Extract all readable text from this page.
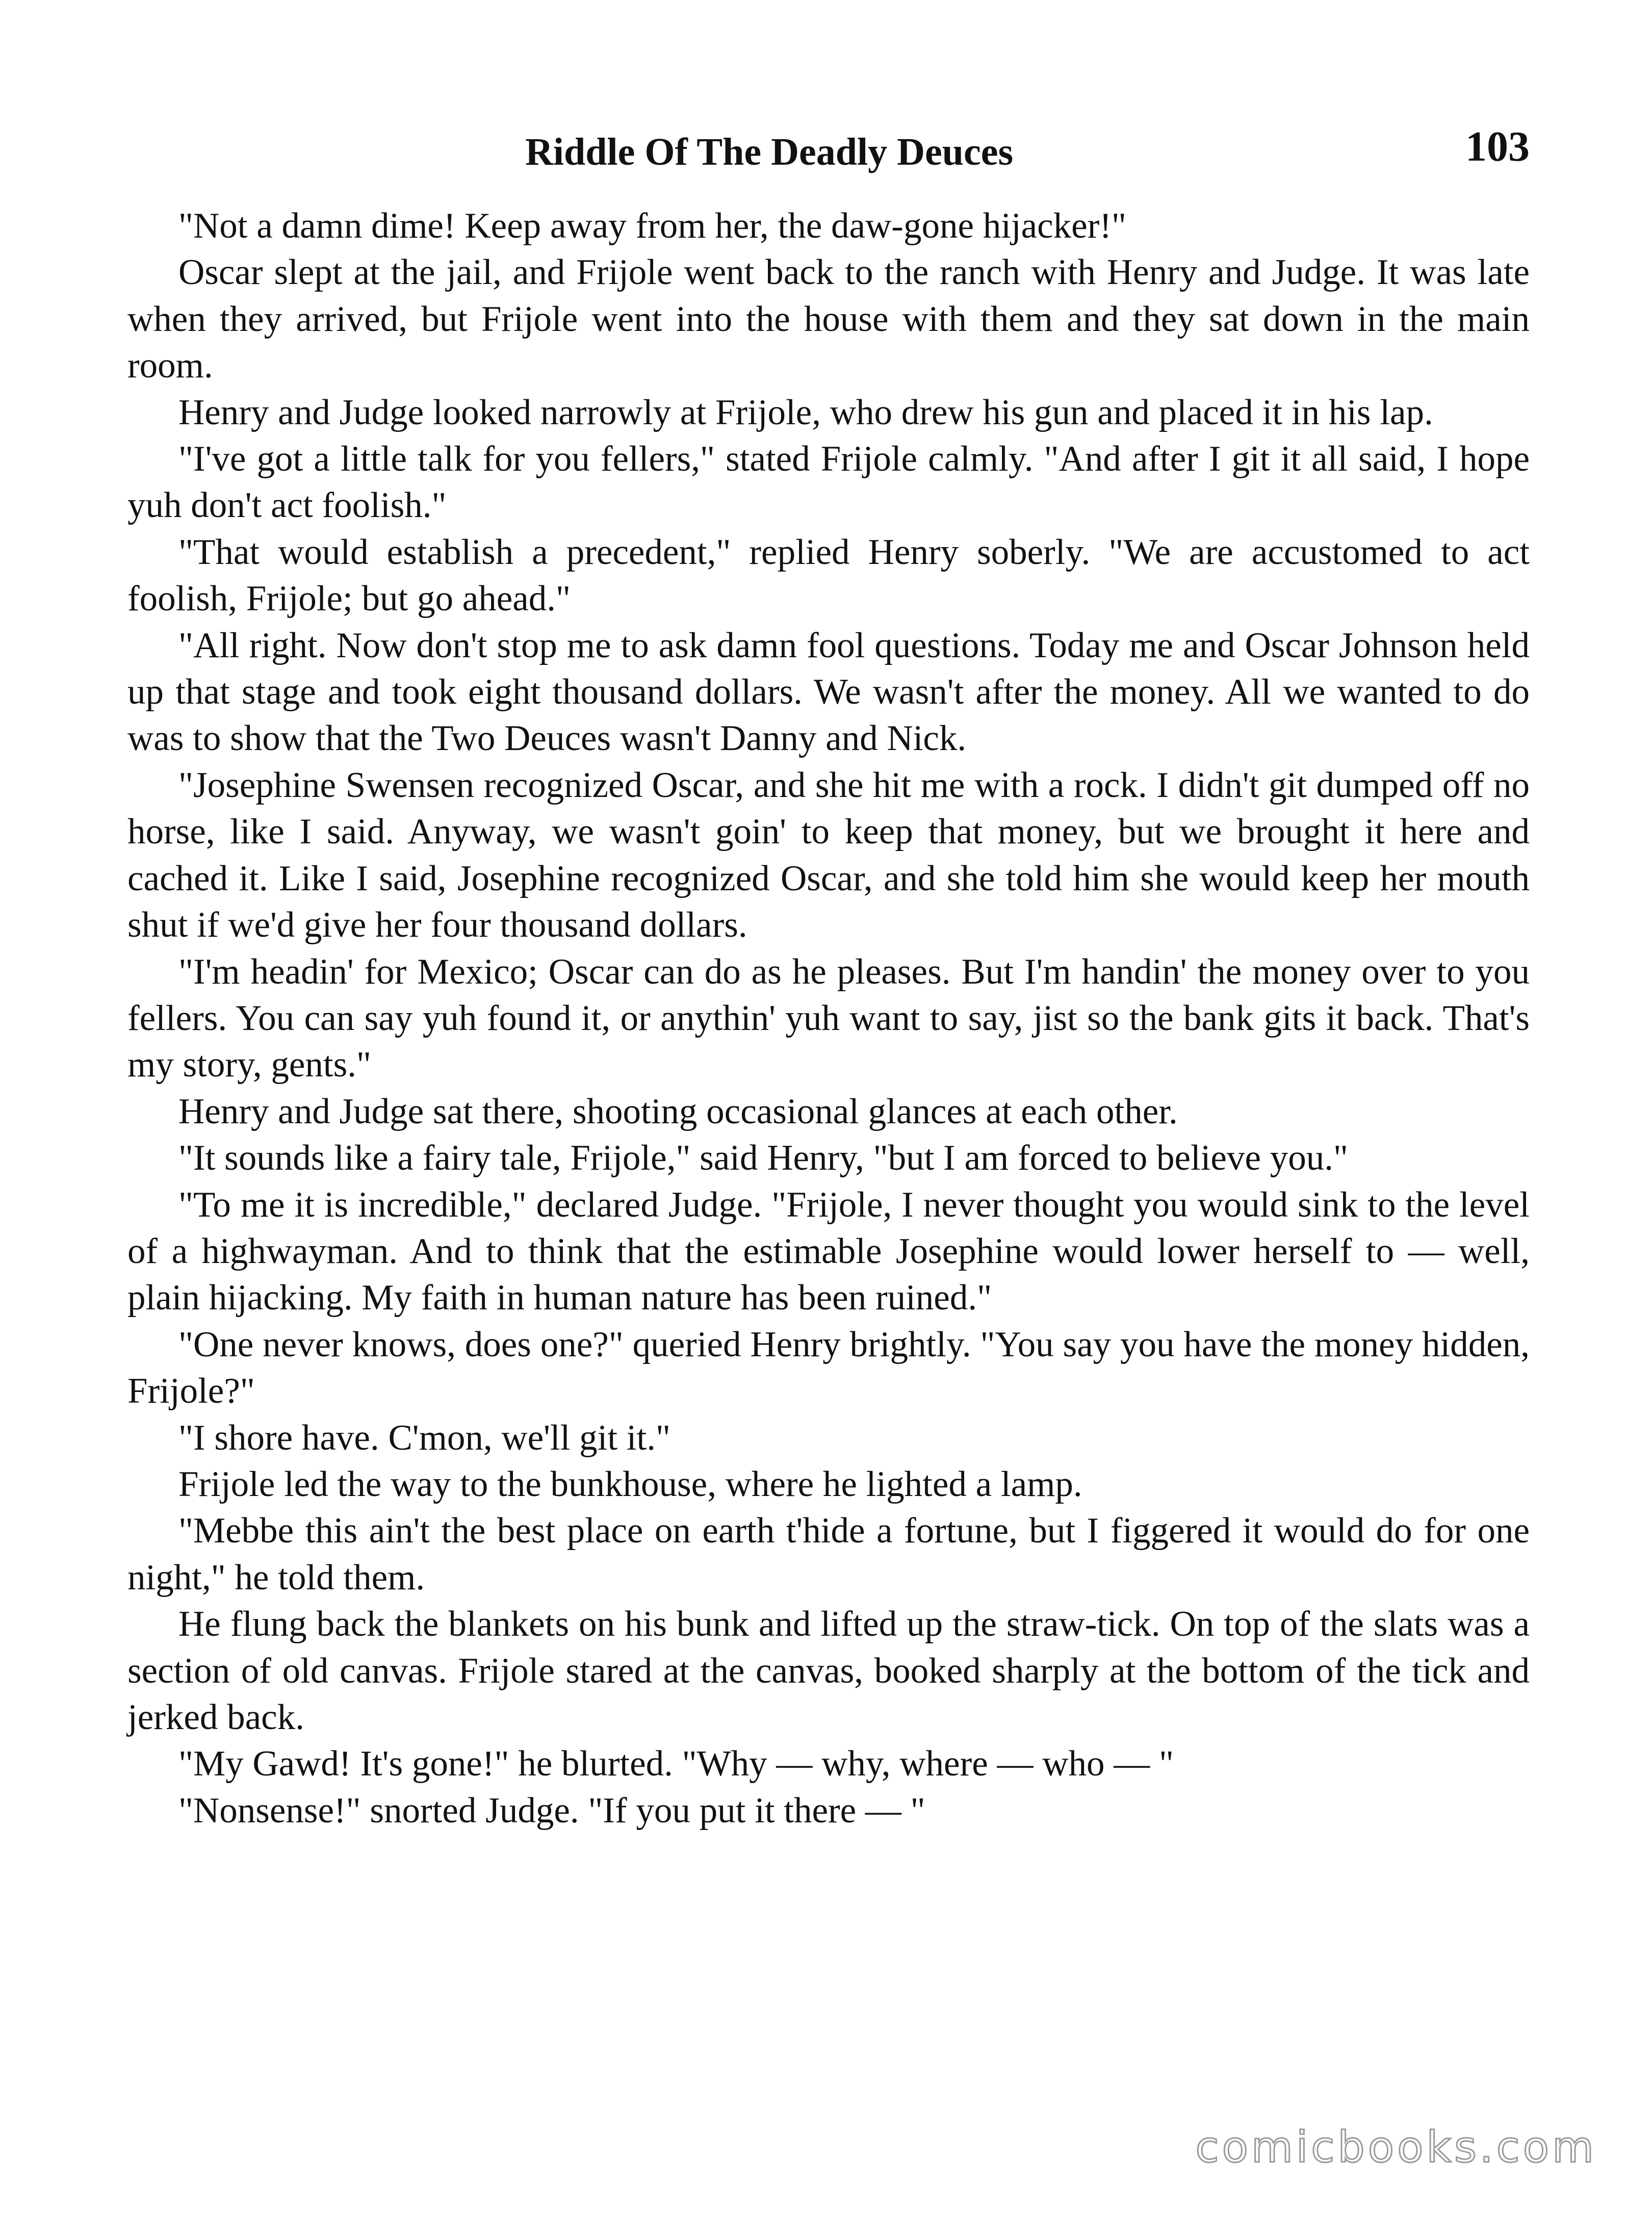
Riddle Of The Deadly Deuces	103

"Not a damn dime! Keep away from her, the daw-gone hijacker!"

Oscar slept at the jail, and Frijole went back to the ranch with Henry and Judge. It was late when they arrived, but Frijole went into the house with them and they sat down in the main room.

Henry and Judge looked narrowly at Frijole, who drew his gun and placed it in his lap.

"I've got a little talk for you fellers," stated Frijole calmly. "And after I git it all said, I hope yuh don't act foolish."

"That would establish a precedent," replied Henry soberly. "We are accustomed to act foolish, Frijole; but go ahead."

"All right. Now don't stop me to ask damn fool questions. Today me and Oscar Johnson held up that stage and took eight thousand dollars. We wasn't after the money. All we wanted to do was to show that the Two Deuces wasn't Danny and Nick.

"Josephine Swensen recognized Oscar, and she hit me with a rock. I didn't git dumped off no horse, like I said. Anyway, we wasn't goin' to keep that money, but we brought it here and cached it. Like I said, Josephine recognized Oscar, and she told him she would keep her mouth shut if we'd give her four thousand dollars.

"I'm headin' for Mexico; Oscar can do as he pleases. But I'm handin' the money over to you fellers. You can say yuh found it, or anythin' yuh want to say, jist so the bank gits it back. That's my story, gents."

Henry and Judge sat there, shooting occasional glances at each other.

"It sounds like a fairy tale, Frijole," said Henry, "but I am forced to believe you."

"To me it is incredible," declared Judge. "Frijole, I never thought you would sink to the level of a highwayman. And to think that the estimable Josephine would lower herself to — well, plain hijacking. My faith in human nature has been ruined."

"One never knows, does one?" queried Henry brightly. "You say you have the money hidden, Frijole?"

"I shore have. C'mon, we'll git it."

Frijole led the way to the bunkhouse, where he lighted a lamp.

"Mebbe this ain't the best place on earth t'hide a fortune, but I figgered it would do for one night," he told them.

He flung back the blankets on his bunk and lifted up the straw-tick. On top of the slats was a section of old canvas. Frijole stared at the canvas, booked sharply at the bottom of the tick and jerked back.

"My Gawd! It's gone!" he blurted. "Why — why, where — who — "

"Nonsense!" snorted Judge. "If you put it there — "

comicbooks.com
